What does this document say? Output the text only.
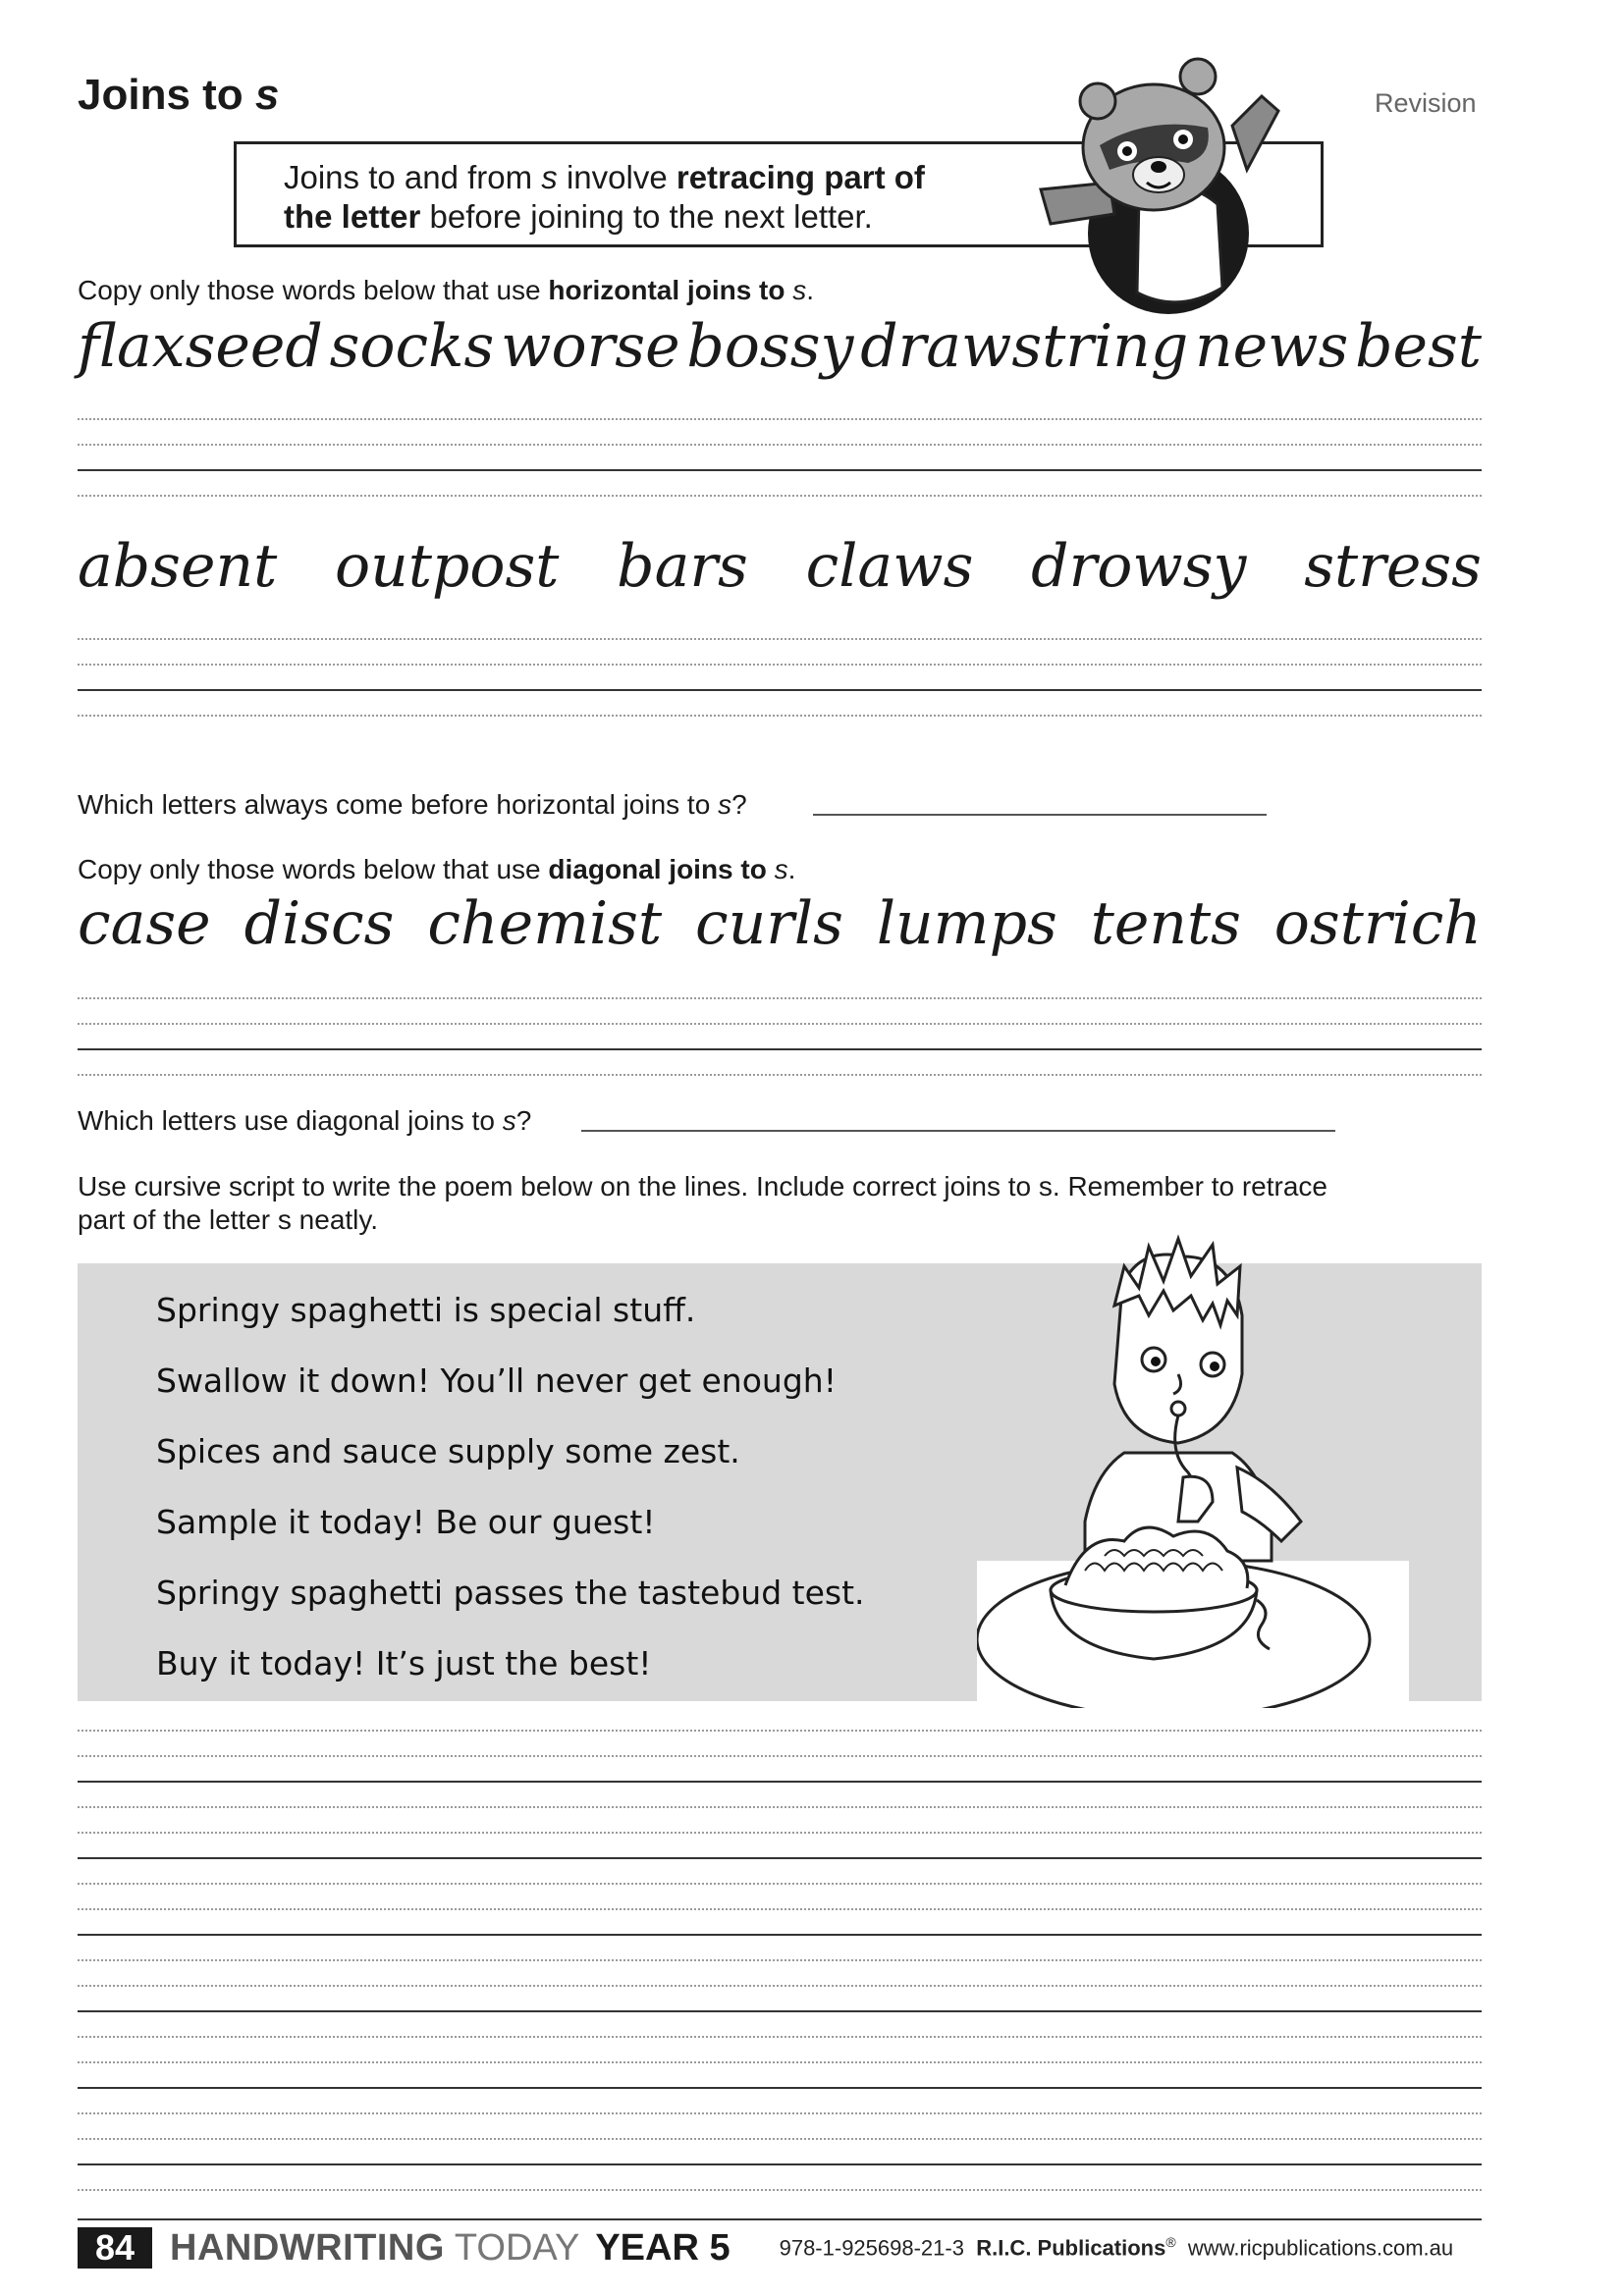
Joins to s	Revision
Joins to and from s involve retracing part of
the letter before joining to the next letter.
Copy only those words below that use horizontal joins to s.
flaxseed socks worse bossy drawstring news best
absent outpost bars claws drowsy stress
Which letters always come before horizontal joins to s?
Copy only those words below that use diagonal joins to s.
case discs chemist curls lumps tents ostrich
Which letters use diagonal joins to s?
Use cursive script to write the poem below on the lines. Include correct joins to s. Remember to retrace
part of the letter s neatly.
Springy spaghetti is special stuff.
Swallow it down! You’ll never get enough!
Spices and sauce supply some zest.
Sample it today! Be our guest!
Springy spaghetti passes the tastebud test.
Buy it today! It’s just the best!
84 HANDWRITING TODAY YEAR 5 978-1-925698-21-3 R.I.C. Publications® www.ricpublications.com.au
